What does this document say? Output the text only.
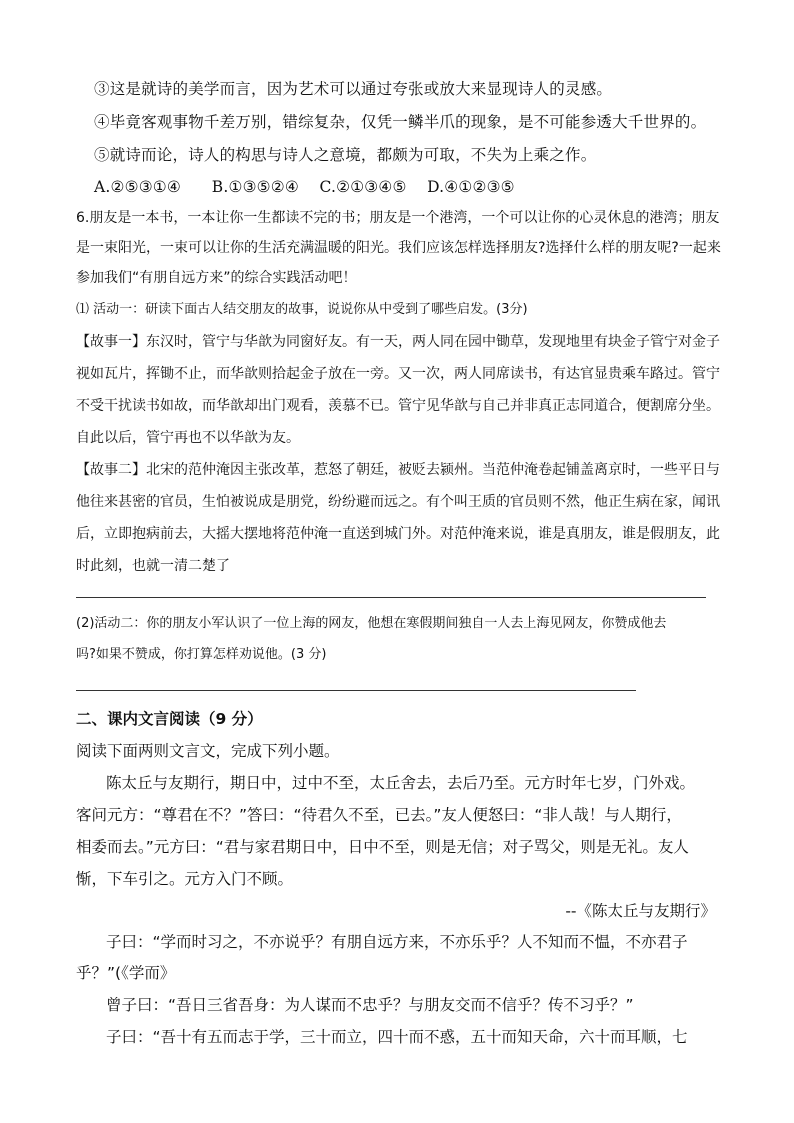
③这是就诗的美学而言，因为艺术可以通过夸张或放大来显现诗人的灵感。
④毕竟客观事物千差万别，错综复杂，仅凭一鳞半爪的现象，是不可能参透大千世界的。
⑤就诗而论，诗人的构思与诗人之意境，都颇为可取，不失为上乘之作。
A.②⑤③①④      B.①③⑤②④    C.②①③④⑤    D.④①②③⑤
6.朋友是一本书，一本让你一生都读不完的书；朋友是一个港湾，一个可以让你的心灵休息的港湾；朋友
是一束阳光，一束可以让你的生活充满温暖的阳光。我们应该怎样选择朋友?选择什么样的朋友呢?一起来
参加我们“有朋自远方来”的综合实践活动吧！
⑴ 活动一：研读下面古人结交朋友的故事，说说你从中受到了哪些启发。(3分)
【故事一】东汉时，管宁与华歆为同窗好友。有一天，两人同在园中锄草，发现地里有块金子管宁对金子
视如瓦片，挥锄不止，而华歆则拾起金子放在一旁。又一次，两人同席读书，有达官显贵乘车路过。管宁
不受干扰读书如故，而华歆却出门观看，羡慕不已。管宁见华歆与自己并非真正志同道合，便割席分坐。
自此以后，管宁再也不以华歆为友。
【故事二】北宋的范仲淹因主张改革，惹怒了朝廷，被贬去颍州。当范仲淹卷起铺盖离京时，一些平日与
他往来甚密的官员，生怕被说成是朋党，纷纷避而远之。有个叫王质的官员则不然，他正生病在家，闻讯
后，立即抱病前去，大摇大摆地将范仲淹一直送到城门外。对范仲淹来说，谁是真朋友，谁是假朋友，此
时此刻，也就一清二楚了
(2)活动二：你的朋友小军认识了一位上海的网友，他想在寒假期间独自一人去上海见网友，你赞成他去
吗?如果不赞成，你打算怎样劝说他。(3 分)
二、课内文言阅读（9 分）
阅读下面两则文言文，完成下列小题。
陈太丘与友期行，期日中，过中不至，太丘舍去，去后乃至。元方时年七岁，门外戏。
客问元方：“尊君在不？”答曰：“待君久不至，已去。”友人便怒曰：“非人哉！与人期行，
相委而去。”元方曰：“君与家君期日中，日中不至，则是无信；对子骂父，则是无礼。友人
惭，下车引之。元方入门不顾。
--《陈太丘与友期行》
子曰：“学而时习之，不亦说乎？有朋自远方来，不亦乐乎？人不知而不愠，不亦君子
乎？”(《学而》
曾子曰：“吾日三省吾身：为人谋而不忠乎？与朋友交而不信乎？传不习乎？”
子曰：“吾十有五而志于学，三十而立，四十而不惑，五十而知天命，六十而耳顺，七
